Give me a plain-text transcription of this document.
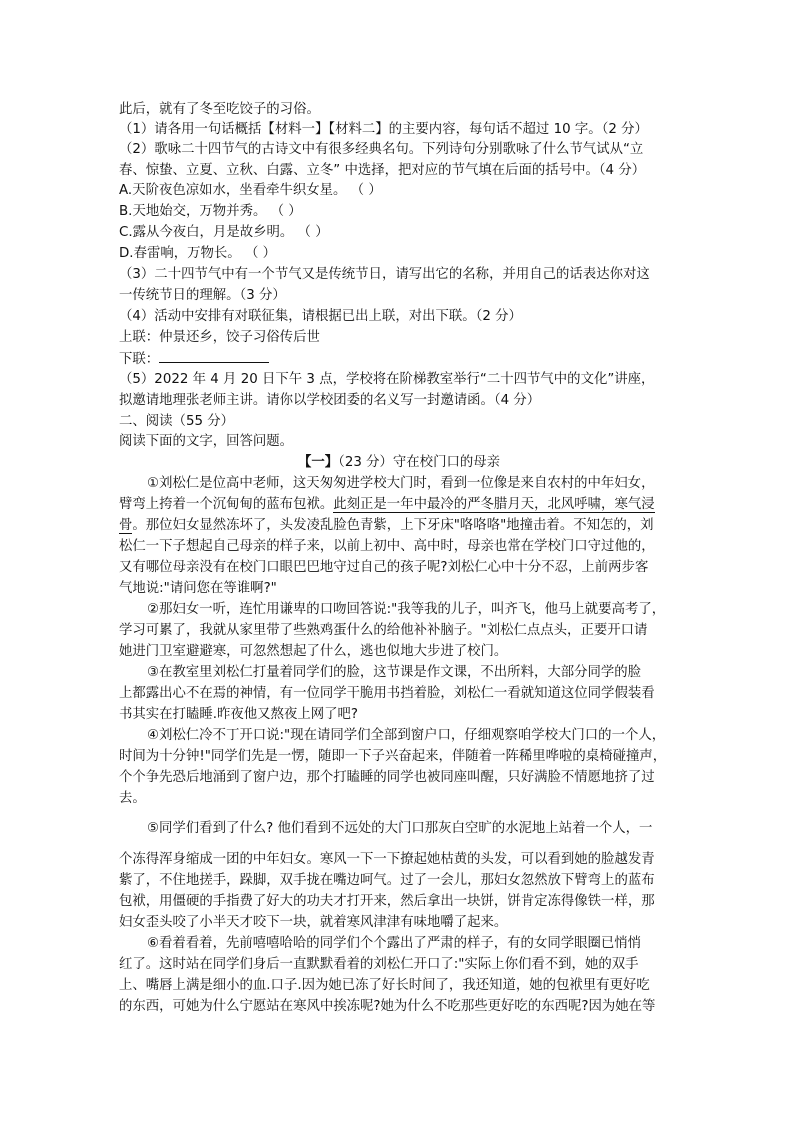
此后，就有了冬至吃饺子的习俗。
（1）请各用一句话概括【材料一】【材料二】的主要内容，每句话不超过 10 字。（2 分）
（2）歌咏二十四节气的古诗文中有很多经典名句。下列诗句分别歌咏了什么节气试从“立
春、惊蛰、立夏、立秋、白露、立冬” 中选择，把对应的节气填在后面的括号中。（4 分）
A.天阶夜色凉如水，坐看牵牛织女星。 （ ）
B.天地始交，万物并秀。 （ ）
C.露从今夜白，月是故乡明。 （ ）
D.春雷响，万物长。 （ ）
（3）二十四节气中有一个节气又是传统节日，请写出它的名称，并用自己的话表达你对这
一传统节日的理解。（3 分）
（4）活动中安排有对联征集，请根据已出上联，对出下联。（2 分）
上联：仲景还乡，饺子习俗传后世
下联：
（5）2022 年 4 月 20 日下午 3 点，学校将在阶梯教室举行“二十四节气中的文化”讲座，
拟邀请地理张老师主讲。请你以学校团委的名义写一封邀请函。（4 分）
二、阅读（55 分）
阅读下面的文字，回答问题。
【一】（23 分）守在校门口的母亲
①刘松仁是位高中老师，这天匆匆进学校大门时，看到一位像是来自农村的中年妇女，
臂弯上挎着一个沉甸甸的蓝布包袱。此刻正是一年中最冷的严冬腊月天，北风呼啸，寒气浸
骨。那位妇女显然冻坏了，头发凌乱脸色青紫，上下牙床"咯咯咯"地撞击着。不知怎的，刘
松仁一下子想起自己母亲的样子来，以前上初中、高中时，母亲也常在学校门口守过他的，
又有哪位母亲没有在校门口眼巴巴地守过自己的孩子呢?刘松仁心中十分不忍，上前两步客
气地说:"请问您在等谁啊?"
②那妇女一听，连忙用谦卑的口吻回答说:"我等我的儿子，叫齐飞，他马上就要高考了，
学习可累了，我就从家里带了些熟鸡蛋什么的给他补补脑子。"刘松仁点点头，正要开口请
她进门卫室避避寒，可忽然想起了什么，逃也似地大步进了校门。
③在教室里刘松仁打量着同学们的脸，这节课是作文课，不出所料，大部分同学的脸
上都露出心不在焉的神情，有一位同学干脆用书挡着脸，刘松仁一看就知道这位同学假装看
书其实在打瞌睡.昨夜他又熬夜上网了吧?
④刘松仁冷不丁开口说:"现在请同学们全部到窗户口，仔细观察咱学校大门口的一个人，
时间为十分钟!"同学们先是一愣，随即一下子兴奋起来，伴随着一阵稀里哗啦的桌椅碰撞声，
个个争先恐后地涌到了窗户边，那个打瞌睡的同学也被同座叫醒，只好满脸不情愿地挤了过
去。
⑤同学们看到了什么? 他们看到不远处的大门口那灰白空旷的水泥地上站着一个人，一
个冻得浑身缩成一团的中年妇女。寒风一下一下撩起她枯黄的头发，可以看到她的脸越发青
紫了，不住地搓手，跺脚，双手拢在嘴边呵气。过了一会儿，那妇女忽然放下臂弯上的蓝布
包袱，用僵硬的手指费了好大的功夫才打开来，然后拿出一块饼，饼肯定冻得像铁一样，那
妇女歪头咬了小半天才咬下一块，就着寒风津津有味地嚼了起来。
⑥看着看着，先前嘻嘻哈哈的同学们个个露出了严肃的样子，有的女同学眼圈已悄悄
红了。这时站在同学们身后一直默默看着的刘松仁开口了:"实际上你们看不到，她的双手
上、嘴唇上满是细小的血.口子.因为她已冻了好长时间了，我还知道，她的包袱里有更好吃
的东西，可她为什么宁愿站在寒风中挨冻呢?她为什么不吃那些更好吃的东西呢?因为她在等
